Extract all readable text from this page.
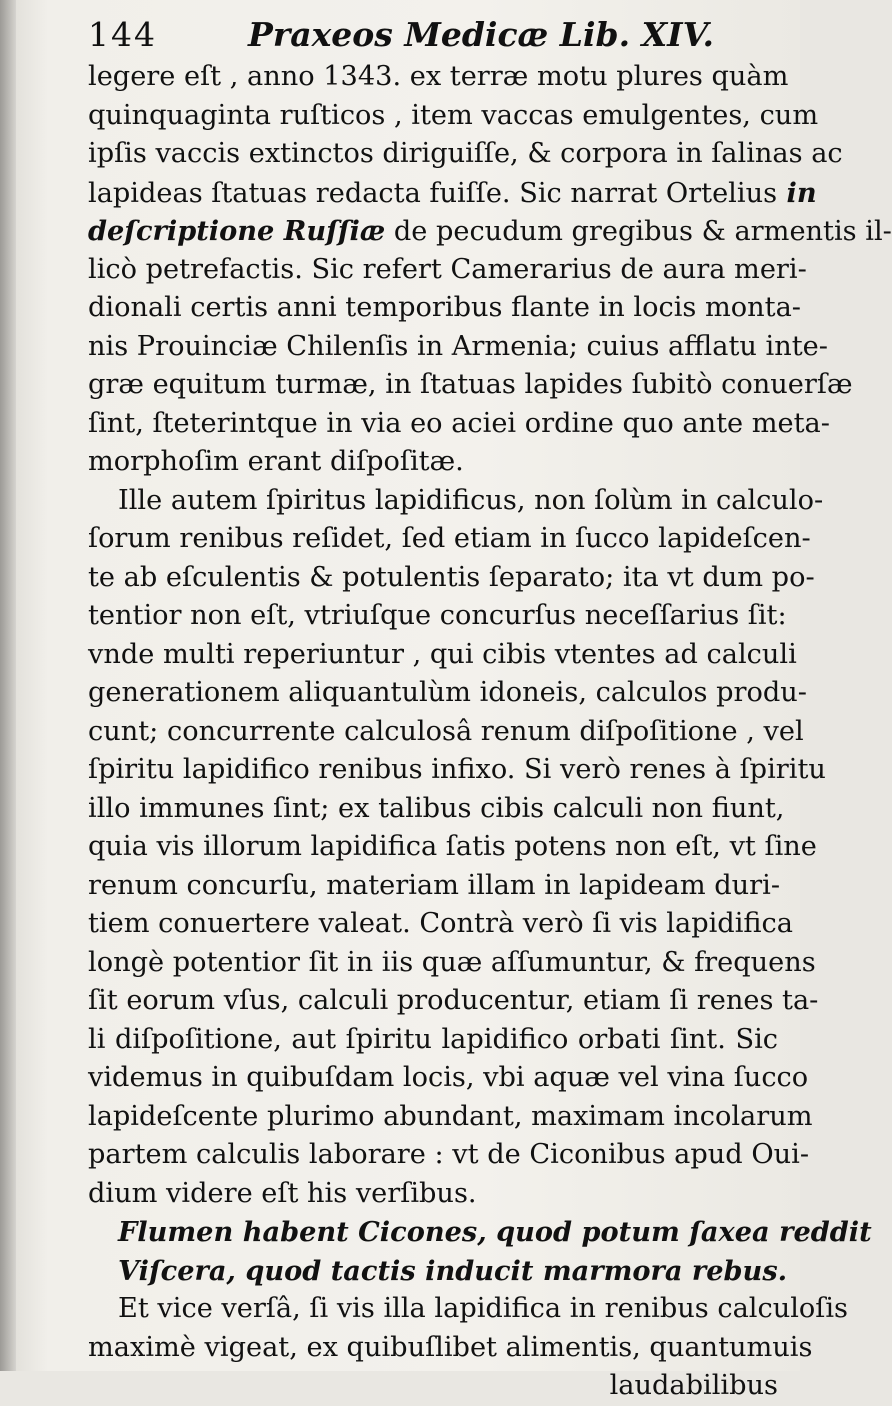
144	Praxeos Medicæ Lib. XIV.
legere eſt , anno 1343. ex terræ motu plures quàm
quinquaginta ruſticos , item vaccas emulgentes, cum
ipſis vaccis extinctos diriguiſſe, & corpora in ſalinas ac
lapideas ſtatuas redacta fuiſſe. Sic narrat Ortelius in
deſcriptione Ruſſiæ de pecudum gregibus & armentis il-
licò petrefactis. Sic refert Camerarius de aura meri-
dionali certis anni temporibus flante in locis monta-
nis Prouinciæ Chilenſis in Armenia; cuius afflatu inte-
græ equitum turmæ, in ſtatuas lapides ſubitò conuerſæ
ſint, ſteterintque in via eo aciei ordine quo ante meta-
morphoſim erant diſpoſitæ.
Ille autem ſpiritus lapidificus, non ſolùm in calculo-
ſorum renibus reſidet, ſed etiam in ſucco lapideſcen-
te ab eſculentis & potulentis ſeparato; ita vt dum po-
tentior non eſt, vtriuſque concurſus neceſſarius ſit:
vnde multi reperiuntur , qui cibis vtentes ad calculi
generationem aliquantulùm idoneis, calculos produ-
cunt; concurrente calculosâ renum diſpoſitione , vel
ſpiritu lapidifico renibus infixo. Si verò renes à ſpiritu
illo immunes ſint; ex talibus cibis calculi non fiunt,
quia vis illorum lapidifica ſatis potens non eſt, vt ſine
renum concurſu, materiam illam in lapideam duri-
tiem conuertere valeat. Contrà verò ſi vis lapidifica
longè potentior ſit in iis quæ aſſumuntur, & frequens
ſit eorum vſus, calculi producentur, etiam ſi renes ta-
li diſpoſitione, aut ſpiritu lapidifico orbati ſint. Sic
videmus in quibuſdam locis, vbi aquæ vel vina ſucco
lapideſcente plurimo abundant, maximam incolarum
partem calculis laborare : vt de Ciconibus apud Oui-
dium videre eſt his verſibus.
Flumen habent Cicones, quod potum ſaxea reddit
Viſcera, quod tactis inducit marmora rebus.
Et vice verſâ, ſi vis illa lapidifica in renibus calculoſis
maximè vigeat, ex quibuſlibet alimentis, quantumuis
laudabilibus
